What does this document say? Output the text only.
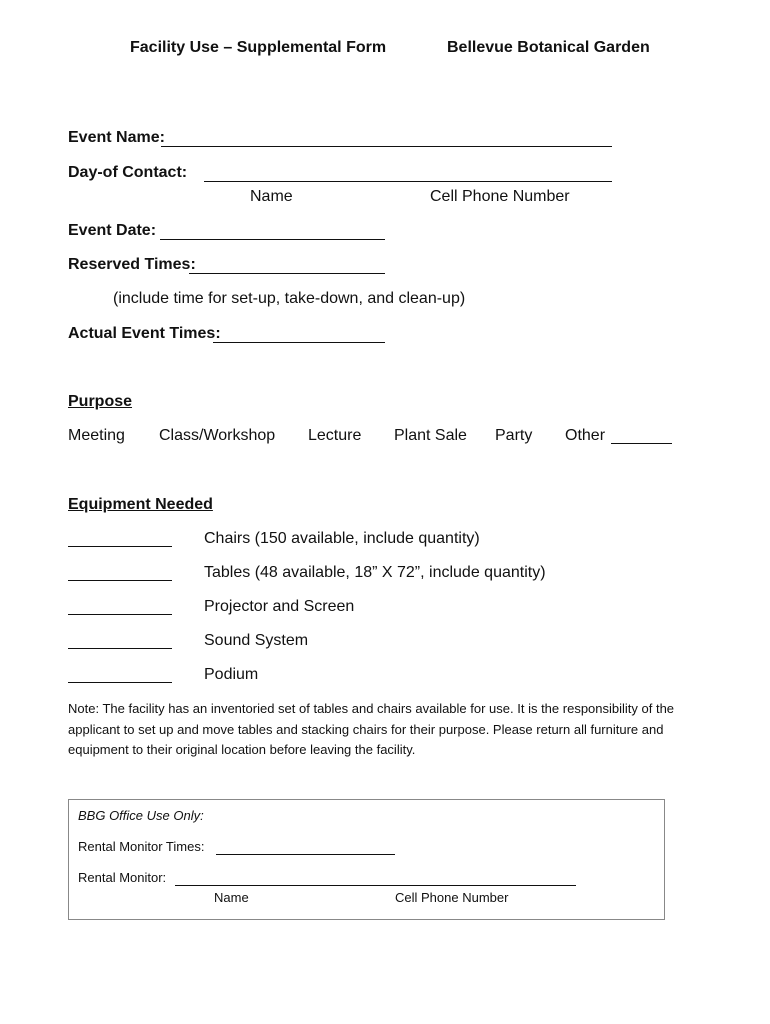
Facility Use – Supplemental Form	Bellevue Botanical Garden
Event Name:
Day-of Contact:
Name	Cell Phone Number
Event Date:
Reserved Times:
(include time for set-up, take-down, and clean-up)
Actual Event Times:
Purpose
Meeting Class/Workshop Lecture Plant Sale Party Other
Equipment Needed
Chairs (150 available, include quantity)
Tables (48 available, 18” X 72”, include quantity)
Projector and Screen
Sound System
Podium
Note: The facility has an inventoried set of tables and chairs available for use. It is the responsibility of the applicant to set up and move tables and stacking chairs for their purpose. Please return all furniture and equipment to their original location before leaving the facility.
BBG Office Use Only:
Rental Monitor Times:
Rental Monitor:
Name	Cell Phone Number
